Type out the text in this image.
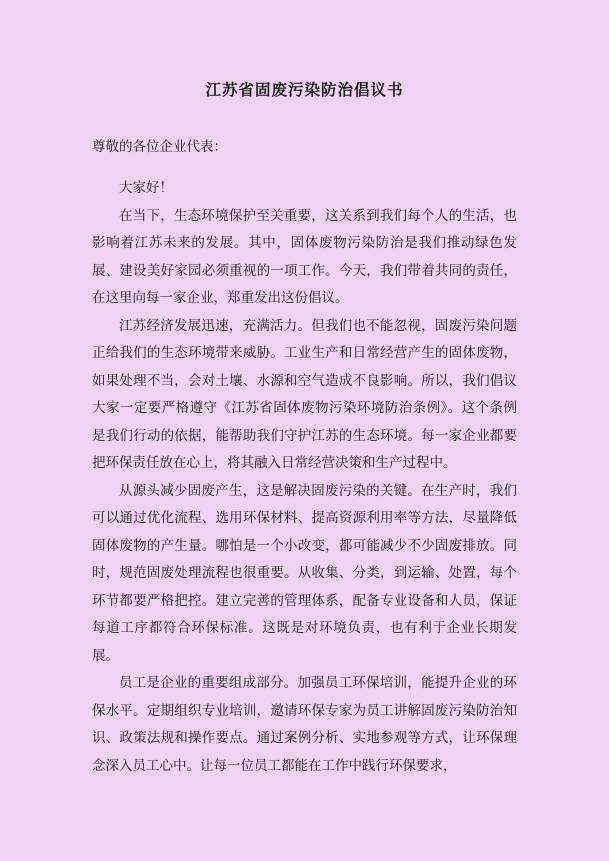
江苏省固废污染防治倡议书
尊敬的各位企业代表：

大家好！

在当下，生态环境保护至关重要，这关系到我们每个人的生活，也影响着江苏未来的发展。其中，固体废物污染防治是我们推动绿色发展、建设美好家园必须重视的一项工作。今天，我们带着共同的责任，在这里向每一家企业，郑重发出这份倡议。

江苏经济发展迅速，充满活力。但我们也不能忽视，固废污染问题正给我们的生态环境带来威胁。工业生产和日常经营产生的固体废物，如果处理不当，会对土壤、水源和空气造成不良影响。所以，我们倡议大家一定要严格遵守《江苏省固体废物污染环境防治条例》。这个条例是我们行动的依据，能帮助我们守护江苏的生态环境。每一家企业都要把环保责任放在心上，将其融入日常经营决策和生产过程中。

从源头减少固废产生，这是解决固废污染的关键。在生产时，我们可以通过优化流程、选用环保材料、提高资源利用率等方法，尽量降低固体废物的产生量。哪怕是一个小改变，都可能减少不少固废排放。同时，规范固废处理流程也很重要。从收集、分类，到运输、处置，每个环节都要严格把控。建立完善的管理体系，配备专业设备和人员，保证每道工序都符合环保标准。这既是对环境负责，也有利于企业长期发展。

员工是企业的重要组成部分。加强员工环保培训，能提升企业的环保水平。定期组织专业培训，邀请环保专家为员工讲解固废污染防治知识、政策法规和操作要点。通过案例分析、实地参观等方式，让环保理念深入员工心中。让每一位员工都能在工作中践行环保要求，
